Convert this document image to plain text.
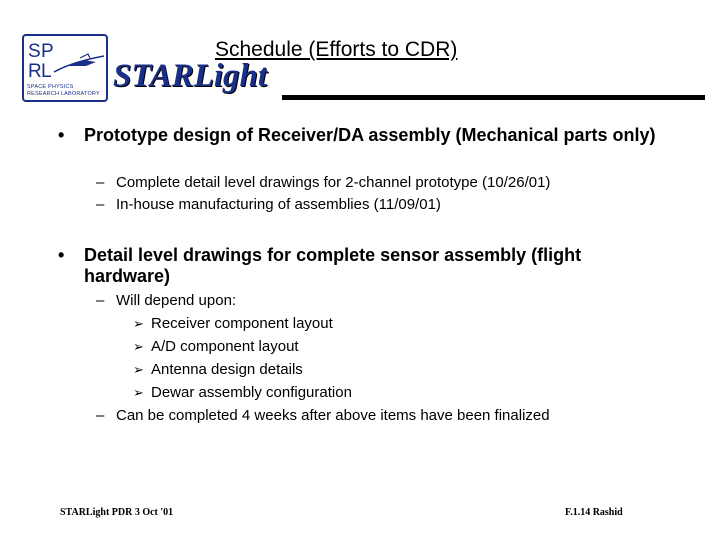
S P
R L
SPACE PHYSICS RESEARCH LABORATORY
Schedule (Efforts to CDR)
STARLight
• Prototype design of Receiver/DA assembly (Mechanical parts only)
– Complete detail level drawings for 2-channel prototype (10/26/01)
– In-house manufacturing of assemblies (11/09/01)
• Detail level drawings for complete sensor assembly (flight hardware)
– Will depend upon:
➢ Receiver component layout
➢ A/D component layout
➢ Antenna design details
➢ Dewar assembly configuration
– Can be completed 4 weeks after above items have been finalized
STARLight PDR 3 Oct '01	F.1.14 Rashid
